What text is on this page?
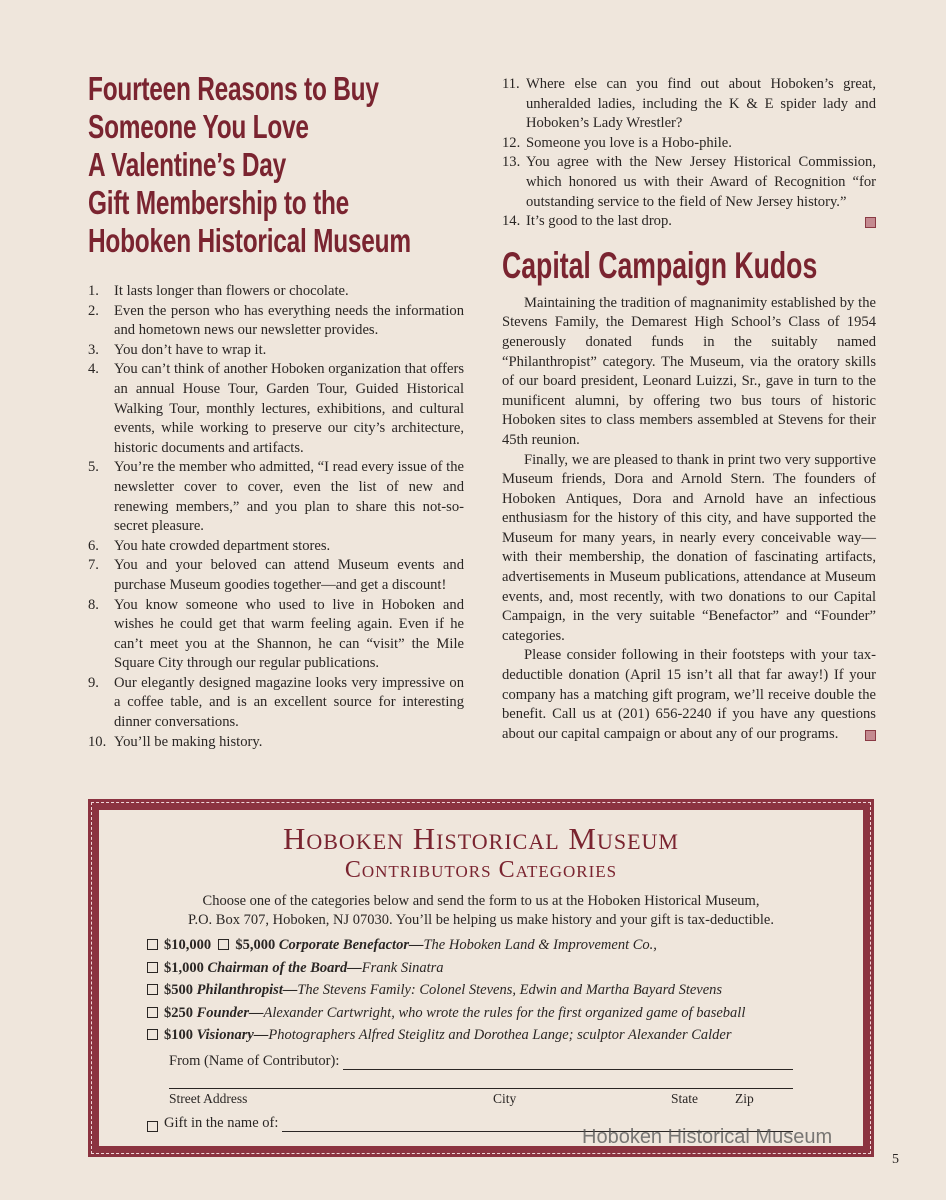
Fourteen Reasons to Buy
Someone You Love
A Valentine’s Day
Gift Membership to the
Hoboken Historical Museum
1. It lasts longer than flowers or chocolate.
2. Even the person who has everything needs the information and hometown news our newsletter provides.
3. You don’t have to wrap it.
4. You can’t think of another Hoboken organization that offers an annual House Tour, Garden Tour, Guided Historical Walking Tour, monthly lectures, exhibitions, and cultural events, while working to preserve our city’s architecture, historic documents and artifacts.
5. You’re the member who admitted, “I read every issue of the newsletter cover to cover, even the list of new and renewing members,” and you plan to share this not-so-secret pleasure.
6. You hate crowded department stores.
7. You and your beloved can attend Museum events and purchase Museum goodies together—and get a discount!
8. You know someone who used to live in Hoboken and wishes he could get that warm feeling again. Even if he can’t meet you at the Shannon, he can “visit” the Mile Square City through our regular publications.
9. Our elegantly designed magazine looks very impressive on a coffee table, and is an excellent source for interesting dinner conversations.
10. You’ll be making history.
11. Where else can you find out about Hoboken’s great, unheralded ladies, including the K & E spider lady and Hoboken’s Lady Wrestler?
12. Someone you love is a Hobo-phile.
13. You agree with the New Jersey Historical Commission, which honored us with their Award of Recognition “for outstanding service to the field of New Jersey history.”
14. It’s good to the last drop.
Capital Campaign Kudos

Maintaining the tradition of magnanimity established by the Stevens Family, the Demarest High School’s Class of 1954 generously donated funds in the suitably named “Philanthropist” category. The Museum, via the oratory skills of our board president, Leonard Luizzi, Sr., gave in turn to the munificent alumni, by offering two bus tours of historic Hoboken sites to class members assembled at Stevens for their 45th reunion.

Finally, we are pleased to thank in print two very supportive Museum friends, Dora and Arnold Stern. The founders of Hoboken Antiques, Dora and Arnold have an infectious enthusiasm for the history of this city, and have supported the Museum for many years, in nearly every conceivable way—with their membership, the donation of fascinating artifacts, advertisements in Museum publications, attendance at Museum events, and, most recently, with two donations to our Capital Campaign, in the very suitable “Benefactor” and “Founder” categories.

Please consider following in their footsteps with your tax-deductible donation (April 15 isn’t all that far away!) If your company has a matching gift program, we’ll receive double the benefit. Call us at (201) 656-2240 if you have any questions about our capital campaign or about any of our programs.

Hoboken Historical Museum
Contributors Categories
Choose one of the categories below and send the form to us at the Hoboken Historical Museum,
P.O. Box 707, Hoboken, NJ 07030. You’ll be helping us make history and your gift is tax-deductible.
$10,000 $5,000 Corporate Benefactor—The Hoboken Land & Improvement Co.,
$1,000 Chairman of the Board—Frank Sinatra
$500 Philanthropist—The Stevens Family: Colonel Stevens, Edwin and Martha Bayard Stevens
$250 Founder—Alexander Cartwright, who wrote the rules for the first organized game of baseball
$100 Visionary—Photographers Alfred Steiglitz and Dorothea Lange; sculptor Alexander Calder
From (Name of Contributor):
Street Address	City	State	Zip
Gift in the name of:
Hoboken Historical Museum
5
